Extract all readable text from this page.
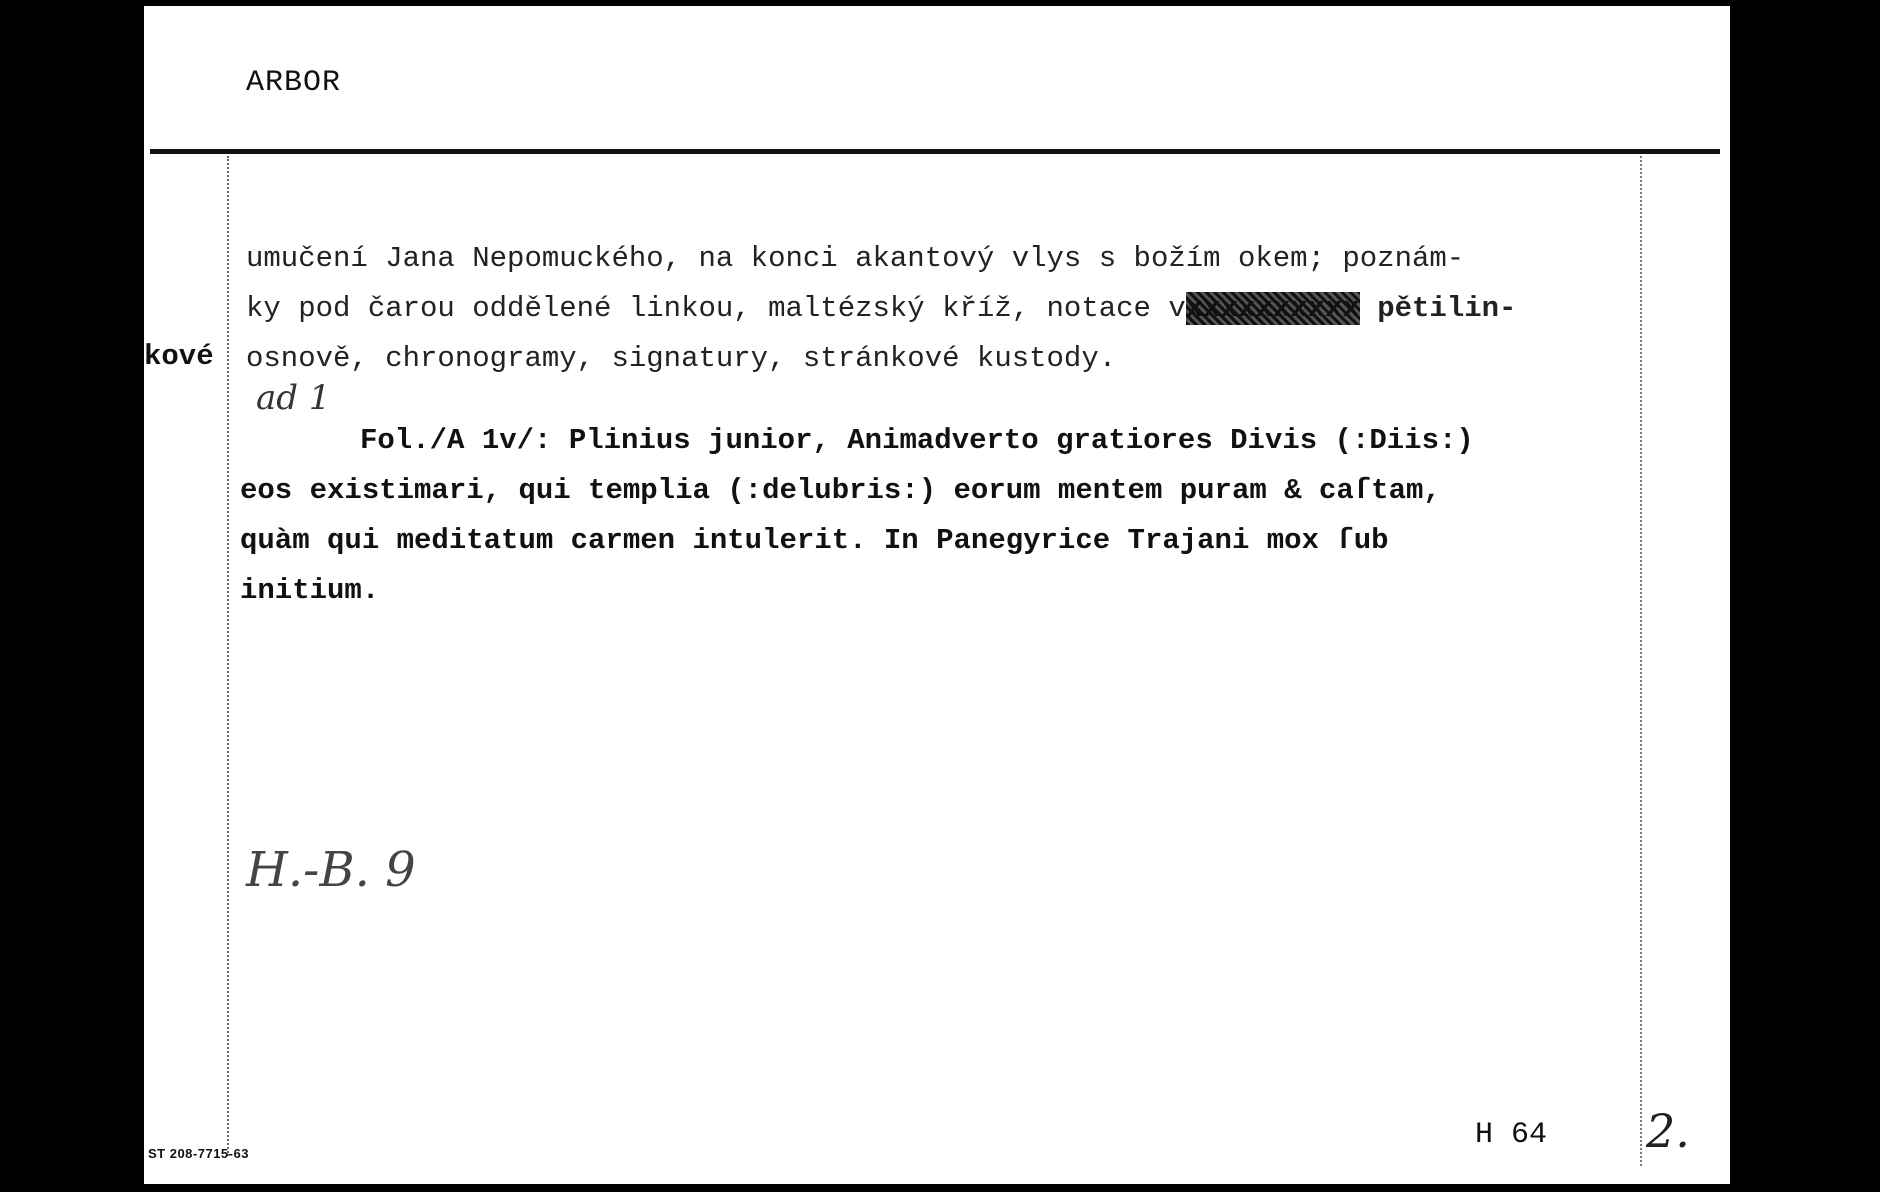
ARBOR
kové
umučení Jana Nepomuckého, na konci akantový vlys s božím okem; poznám-
ky pod čarou oddělené linkou, maltézský kříž, notace vxxxxxxxxxx pětilin-
osnově, chronogramy, signatury, stránkové kustody.
ad 1
Fol./A 1v/: Plinius junior, Animadverto gratiores Divis (:Diis:)
eos existimari, qui templia (:delubris:) eorum mentem puram & caſtam,
quàm qui meditatum carmen intulerit. In Panegyrice Trajani mox ſub
initium.
H.-B. 9
ST 208-7715-63
H 64 2.
